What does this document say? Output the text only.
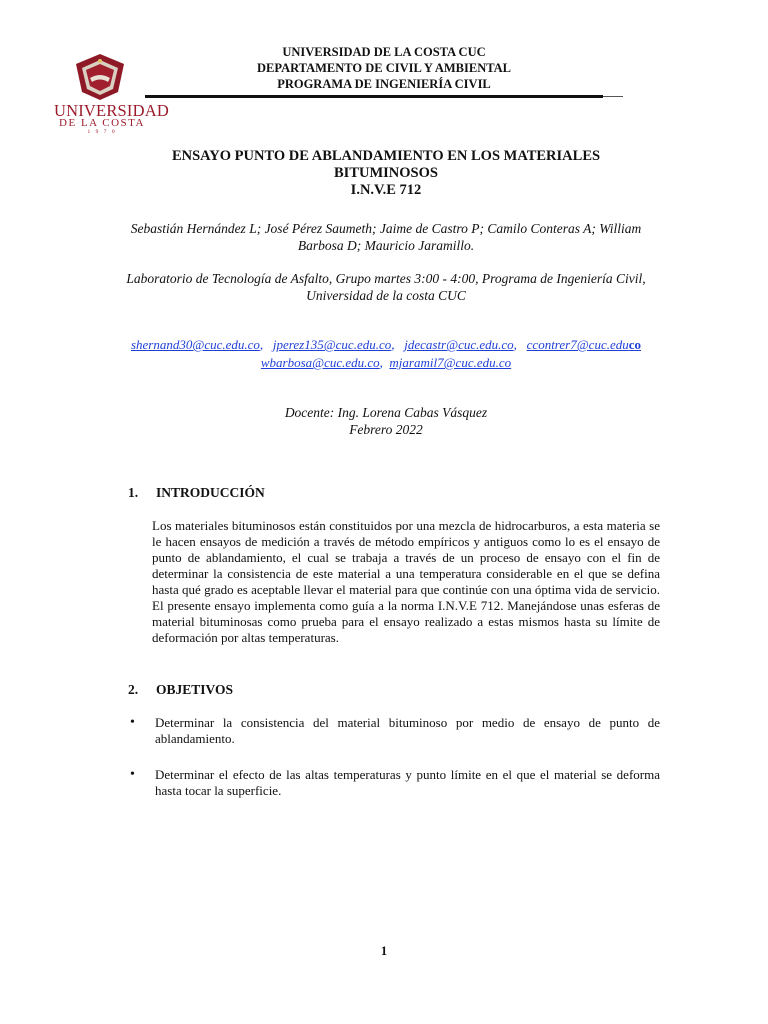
UNIVERSIDAD
DE LA COSTA
1 9 7 0
UNIVERSIDAD DE LA COSTA CUC
DEPARTAMENTO DE CIVIL Y AMBIENTAL
PROGRAMA DE INGENIERÍA CIVIL
ENSAYO PUNTO DE ABLANDAMIENTO EN LOS MATERIALES
BITUMINOSOS
I.N.V.E 712
Sebastián Hernández L; José Pérez Saumeth; Jaime de Castro P; Camilo Conteras A; William
Barbosa D; Mauricio Jaramillo.
Laboratorio de Tecnología de Asfalto, Grupo martes 3:00 - 4:00, Programa de Ingeniería Civil,
Universidad de la costa CUC
shernand30@cuc.edu.co,   jperez135@cuc.edu.co,   jdecastr@cuc.edu.co,   ccontrer7@cuc.educo
wbarbosa@cuc.edu.co,  mjaramil7@cuc.edu.co
Docente: Ing. Lorena Cabas Vásquez
Febrero 2022
1. INTRODUCCIÓN
Los materiales bituminosos están constituidos por una mezcla de hidrocarburos, a esta materia se le hacen ensayos de medición a través de método empíricos y antiguos como lo es el ensayo de punto de ablandamiento, el cual se trabaja a través de un proceso de ensayo con el fin de determinar la consistencia de este material a una temperatura considerable en el que se defina hasta qué grado es aceptable llevar el material para que continúe con una óptima vida de servicio. El presente ensayo implementa como guía a la norma I.N.V.E 712. Manejándose unas esferas de material bituminosas como prueba para el ensayo realizado a estas mismos hasta su límite de deformación por altas temperaturas.
2. OBJETIVOS
•	Determinar la consistencia del material bituminoso por medio de ensayo de punto de ablandamiento.
•	Determinar el efecto de las altas temperaturas y punto límite en el que el material se deforma hasta tocar la superficie.
1
